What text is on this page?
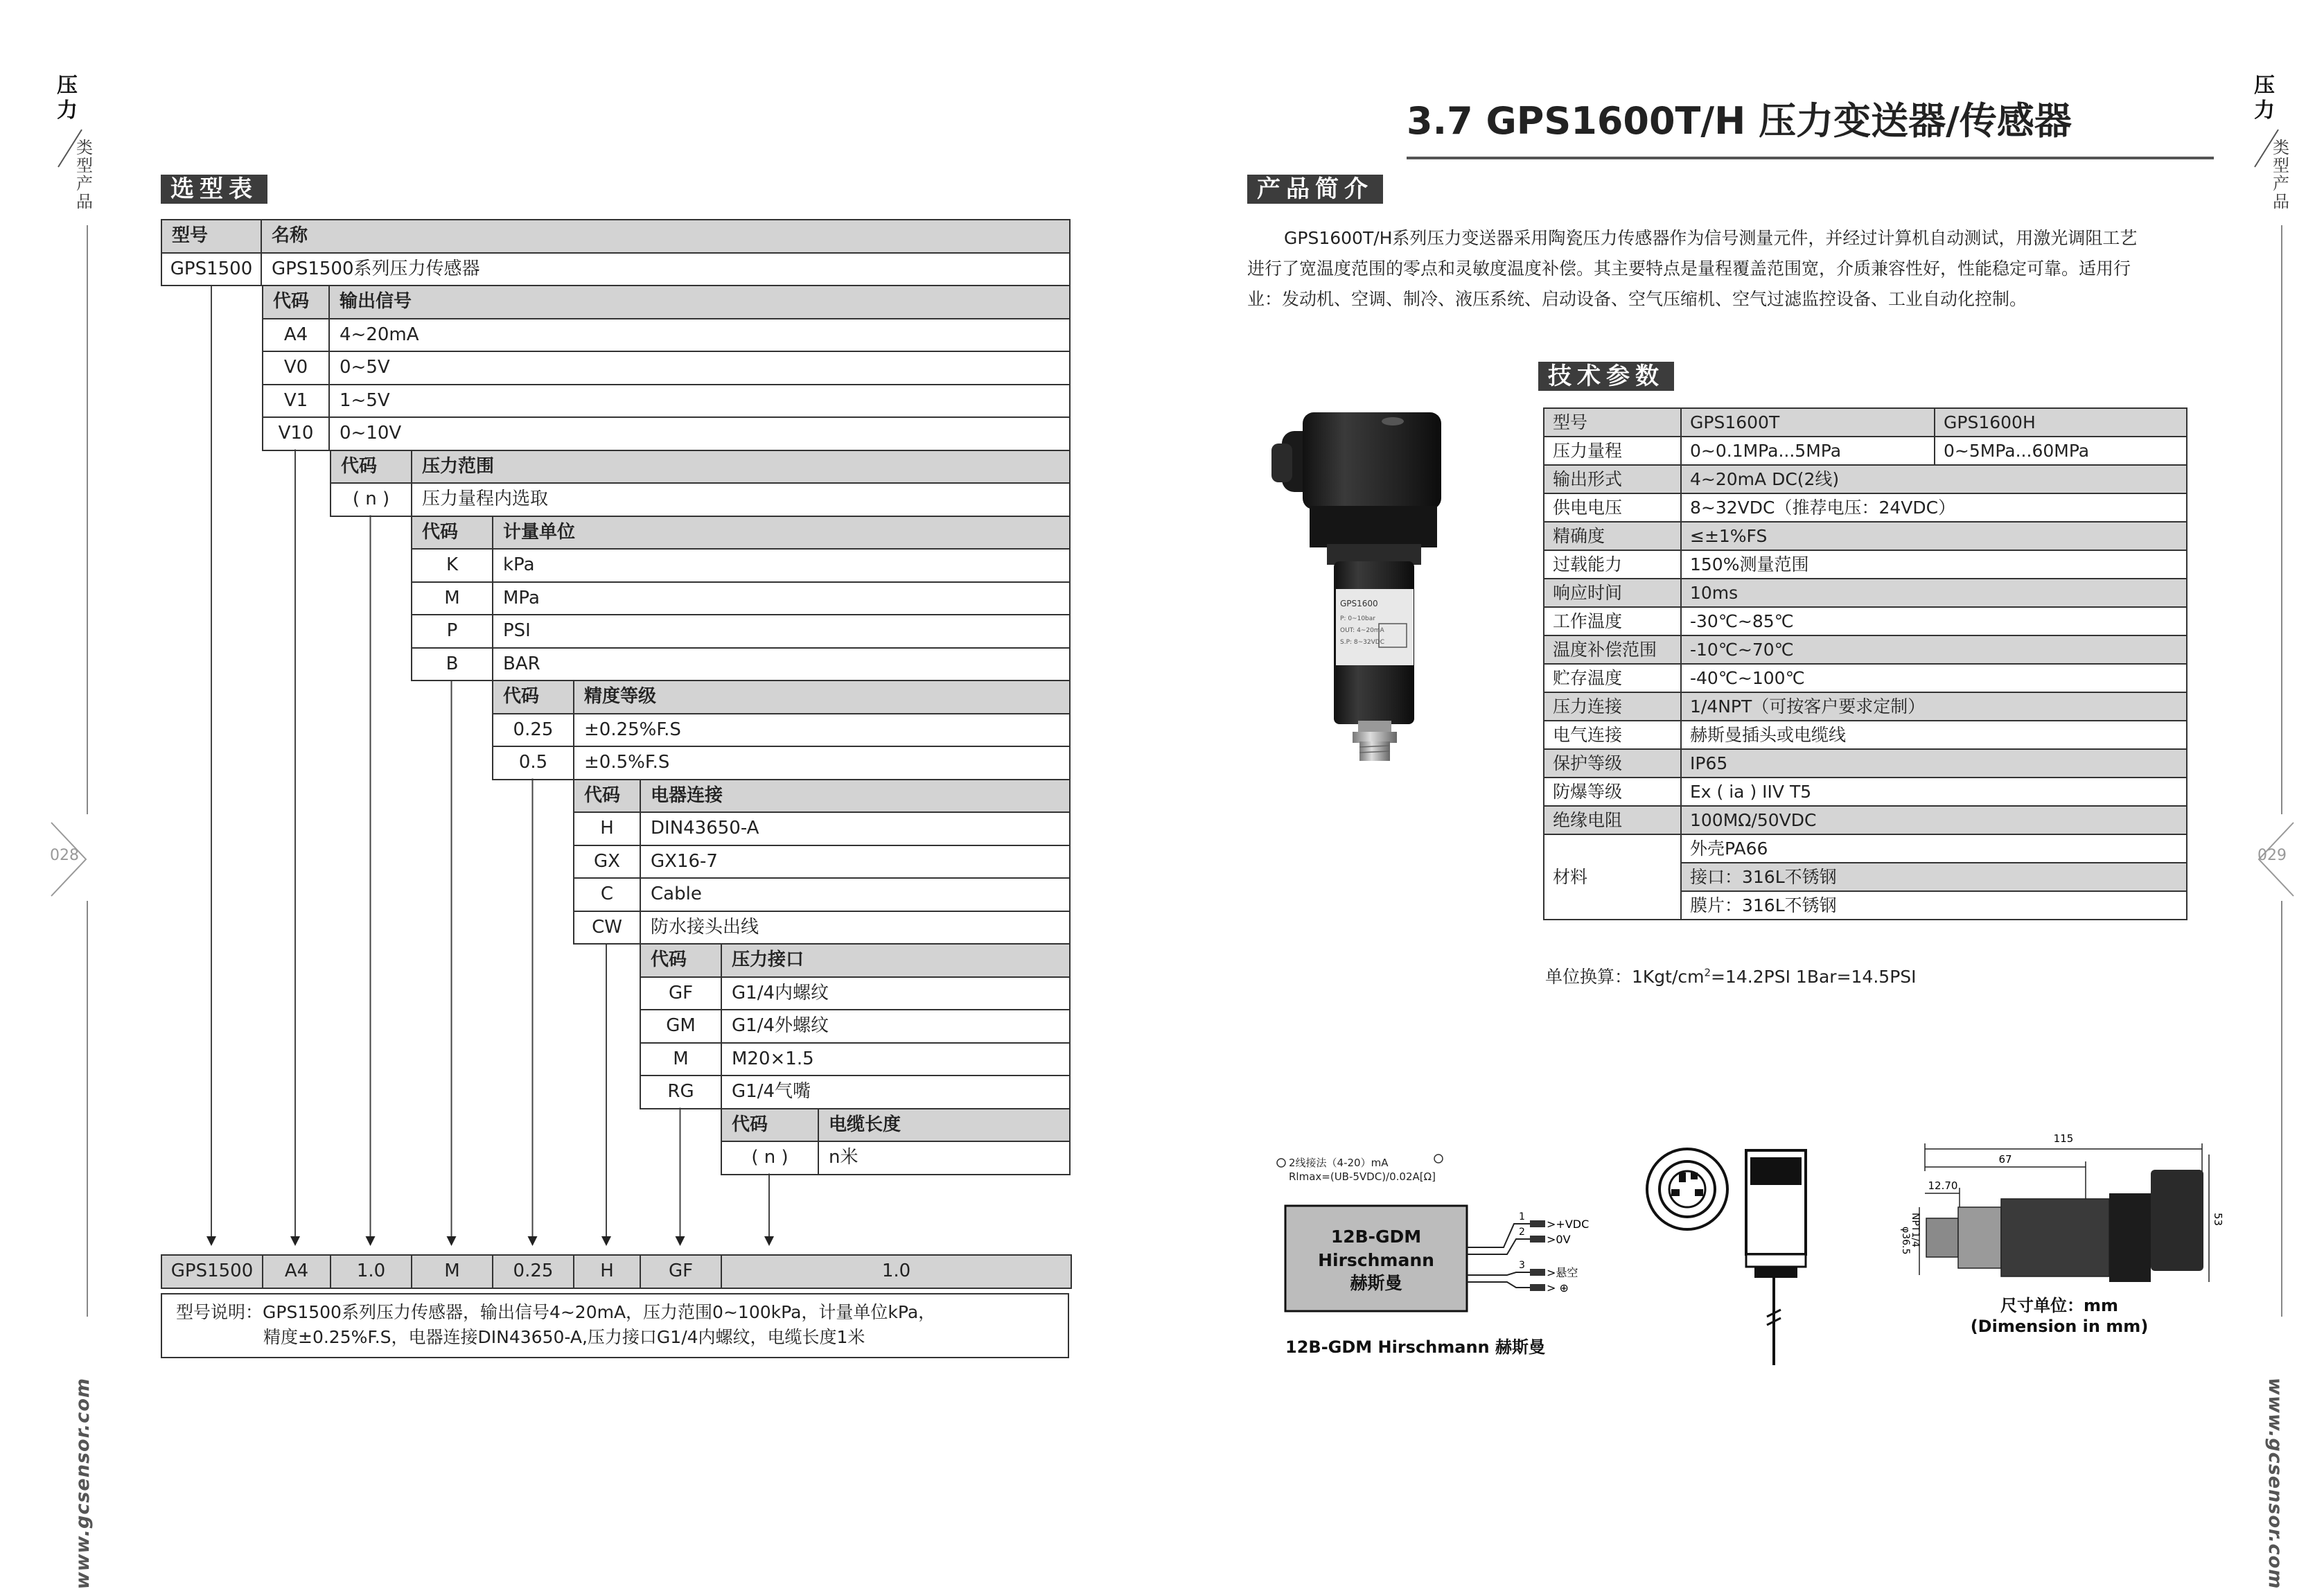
压力
类型产品
028
www.gcsensor.com
压力
类型产品
029
www.gcsensor.com
选型表
型号	名称
GPS1500	GPS1500系列压力传感器
代码	输出信号
A4	4~20mA
V0	0~5V
V1	1~5V
V10	0~10V
代码	压力范围
( n )	压力量程内选取
代码	计量单位
K	kPa
M	MPa
P	PSI
B	BAR
代码	精度等级
0.25	±0.25%F.S
0.5	±0.5%F.S
代码	电器连接
H	DIN43650-A
GX	GX16-7
C	Cable
CW	防水接头出线
代码	压力接口
GF	G1/4内螺纹
GM	G1/4外螺纹
M	M20×1.5
RG	G1/4气嘴
代码	电缆长度
( n )	n米
GPS1500	A4	1.0	M	0.25	H	GF	1.0
型号说明：GPS1500系列压力传感器，输出信号4~20mA，压力范围0~100kPa，计量单位kPa，
精度±0.25%F.S，电器连接DIN43650-A,压力接口G1/4内螺纹，电缆长度1米
3.7 GPS1600T/H 压力变送器/传感器
产品简介
GPS1600T/H系列压力变送器采用陶瓷压力传感器作为信号测量元件，并经过计算机自动测试，用激光调阻工艺
进行了宽温度范围的零点和灵敏度温度补偿。其主要特点是量程覆盖范围宽，介质兼容性好，性能稳定可靠。适用行
业：发动机、空调、制冷、液压系统、启动设备、空气压缩机、空气过滤监控设备、工业自动化控制。
技术参数
GPS1600
P: 0~10bar
OUT: 4~20mA
S.P: 8~32VDC
型号	GPS1600T	GPS1600H
压力量程	0~0.1MPa...5MPa	0~5MPa...60MPa
输出形式	4~20mA DC(2线)	
供电电压	8~32VDC（推荐电压：24VDC）	
精确度	≤±1%FS	
过载能力	150%测量范围	
响应时间	10ms	
工作温度	-30℃~85℃	
温度补偿范围	-10℃~70℃	
贮存温度	-40℃~100℃	
压力连接	1/4NPT（可按客户要求定制）	
电气连接	赫斯曼插头或电缆线	
保护等级	IP65	
防爆等级	Ex ( ia ) IIV T5	
绝缘电阻	100MΩ/50VDC	
材料	外壳PA66	
	接口：316L不锈钢	
	膜片：316L不锈钢	
单位换算：$1Kgt/cm^2=14.2PSI$ 1Bar=14.5PSI
2线接法（4-20）mA
Rlmax=(UB-5VDC)/0.02A[Ω]
12B-GDM
Hirschmann
赫斯曼
1
2
3
>+VDC
>0V
>悬空
> ⊕
12B-GDM Hirschmann 赫斯曼
115
67
12.70
53
NPT1/4
φ36.5
尺寸单位：mm
(Dimension in mm)
